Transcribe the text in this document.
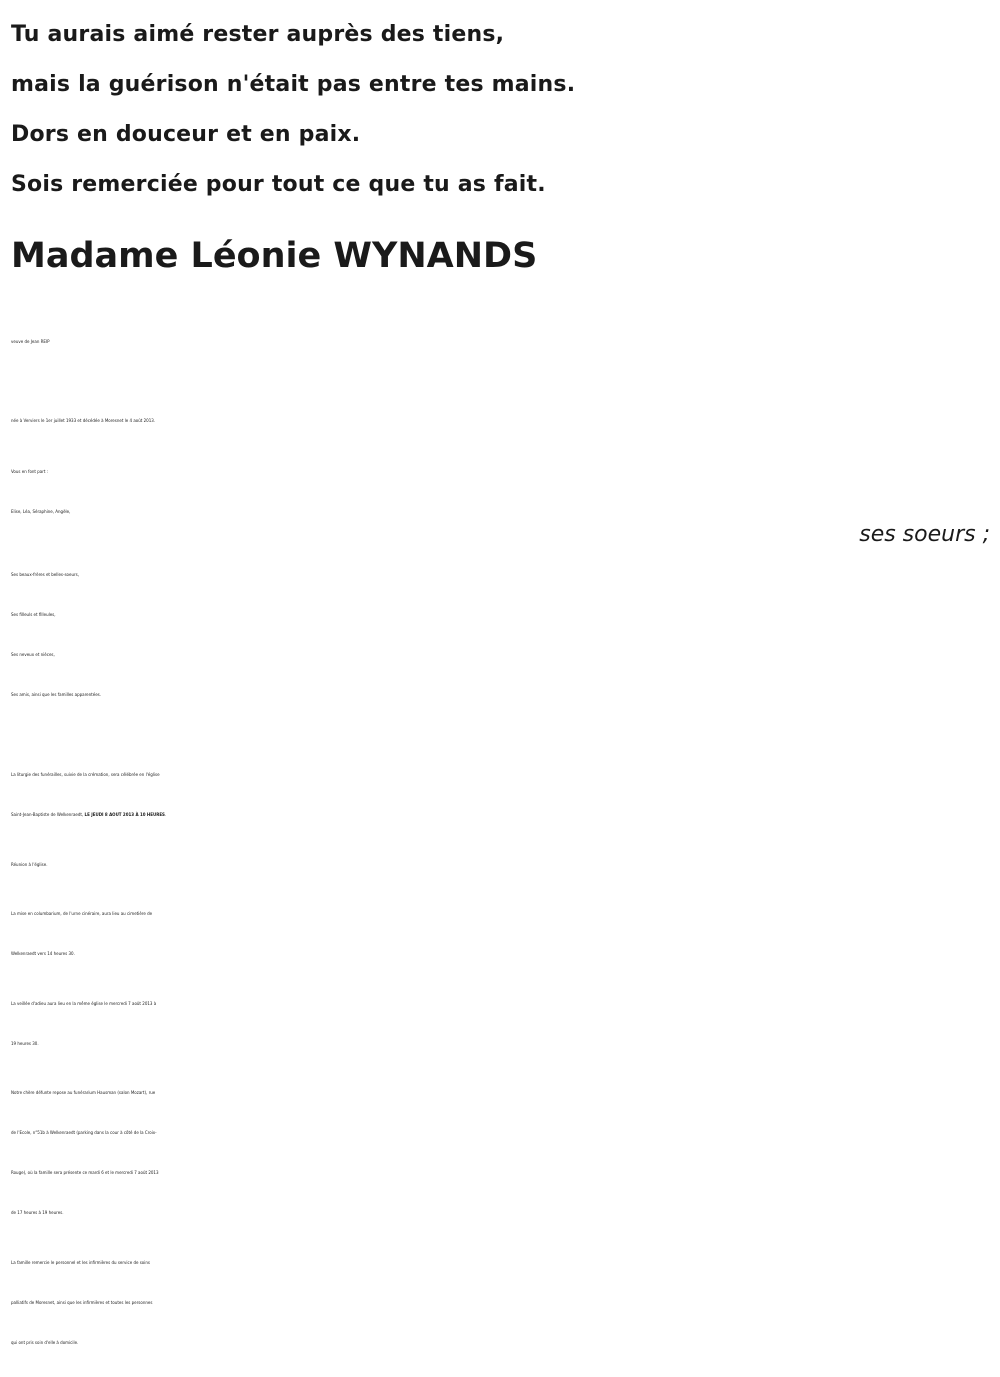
Tu aurais aimé rester auprès des tiens,
mais la guérison n'était pas entre tes mains.
Dors en douceur et en paix.
Sois remerciée pour tout ce que tu as fait.
Madame Léonie WYNANDS
veuve de Jean REIP
née à Verviers le 1er juillet 1933 et décédée à Moresnet le 4 août 2013.
Vous en font part :
Elise, Léa, Séraphine, Angèle,
ses soeurs ;
Ses beaux-frères et belles-soeurs,
Ses filleuls et filleules,
Ses neveux et nièces,
Ses amis, ainsi que les familles apparentées.
La liturgie des funérailles, suivie de la crémation, sera célébrée en l'église
Saint-Jean-Baptiste de Welkenraedt, LE JEUDI 8 AOUT 2013 À 10 HEURES.
Réunion à l'église.
La mise en columbarium, de l'urne cinéraire, aura lieu au cimetière de
Welkenraedt vers 14 heures 30.
La veillée d'adieu aura lieu en la même église le mercredi 7 août 2013 à
19 heures 30.
Notre chère défunte repose au funérarium Hausman (salon Mozart), rue
de l'Ecole, n°51b à Welkenraedt (parking dans la cour à côté de la Croix-
Rouge), où la famille sera présente ce mardi 6 et le mercredi 7 août 2013
de 17 heures à 19 heures.
La famille remercie le personnel et les infirmières du service de soins
palliatifs de Moresnet, ainsi que les infirmières et toutes les personnes
qui ont pris soin d'elle à domicile.
